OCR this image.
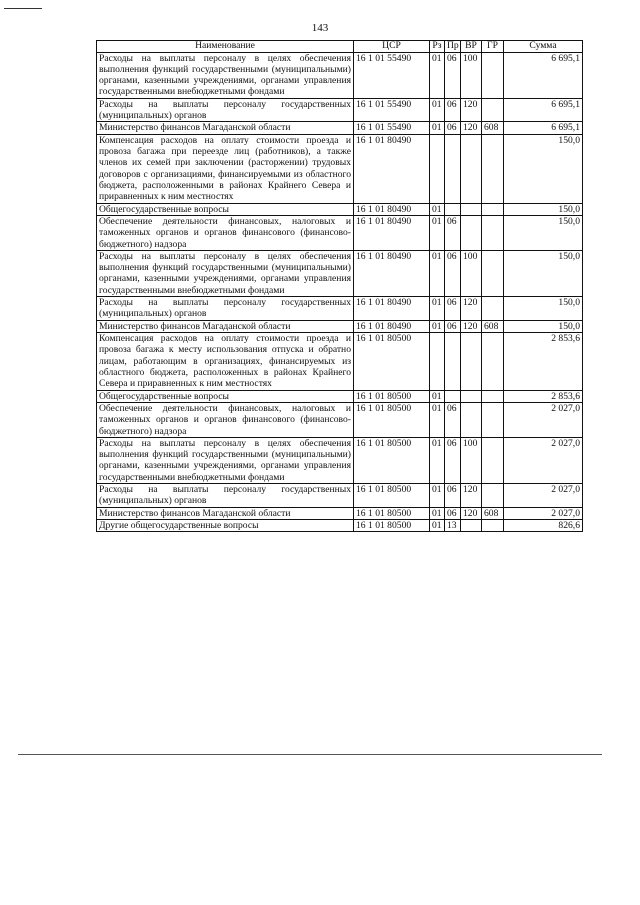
143
Наименование	ЦСР	Рз	Пр	ВР	ГР	Сумма
Расходы на выплаты персоналу в целях обеспечения выполнения функций государственными (муниципальными) органами, казенными учреждениями, органами управления государственными внебюджетными фондами	16 1 01 55490	01	06	100		6 695,1
Расходы на выплаты персоналу государственных (муниципальных) органов	16 1 01 55490	01	06	120		6 695,1
Министерство финансов Магаданской области	16 1 01 55490	01	06	120	608	6 695,1
Компенсация расходов на оплату стоимости проезда и провоза багажа при переезде лиц (работников), а также членов их семей при заключении (расторжении) трудовых договоров с организациями, финансируемыми из областного бюджета, расположенными в районах Крайнего Севера и приравненных к ним местностях	16 1 01 80490					150,0
Общегосударственные вопросы	16 1 01 80490	01				150,0
Обеспечение деятельности финансовых, налоговых и таможенных органов и органов финансового (финансово-бюджетного) надзора	16 1 01 80490	01	06			150,0
Расходы на выплаты персоналу в целях обеспечения выполнения функций государственными (муниципальными) органами, казенными учреждениями, органами управления государственными внебюджетными фондами	16 1 01 80490	01	06	100		150,0
Расходы на выплаты персоналу государственных (муниципальных) органов	16 1 01 80490	01	06	120		150,0
Министерство финансов Магаданской области	16 1 01 80490	01	06	120	608	150,0
Компенсация расходов на оплату стоимости проезда и провоза багажа к месту использования отпуска и обратно лицам, работающим в организациях, финансируемых из областного бюджета, расположенных в районах Крайнего Севера и приравненных к ним местностях	16 1 01 80500					2 853,6
Общегосударственные вопросы	16 1 01 80500	01				2 853,6
Обеспечение деятельности финансовых, налоговых и таможенных органов и органов финансового (финансово-бюджетного) надзора	16 1 01 80500	01	06			2 027,0
Расходы на выплаты персоналу в целях обеспечения выполнения функций государственными (муниципальными) органами, казенными учреждениями, органами управления государственными внебюджетными фондами	16 1 01 80500	01	06	100		2 027,0
Расходы на выплаты персоналу государственных (муниципальных) органов	16 1 01 80500	01	06	120		2 027,0
Министерство финансов Магаданской области	16 1 01 80500	01	06	120	608	2 027,0
Другие общегосударственные вопросы	16 1 01 80500	01	13			826,6
